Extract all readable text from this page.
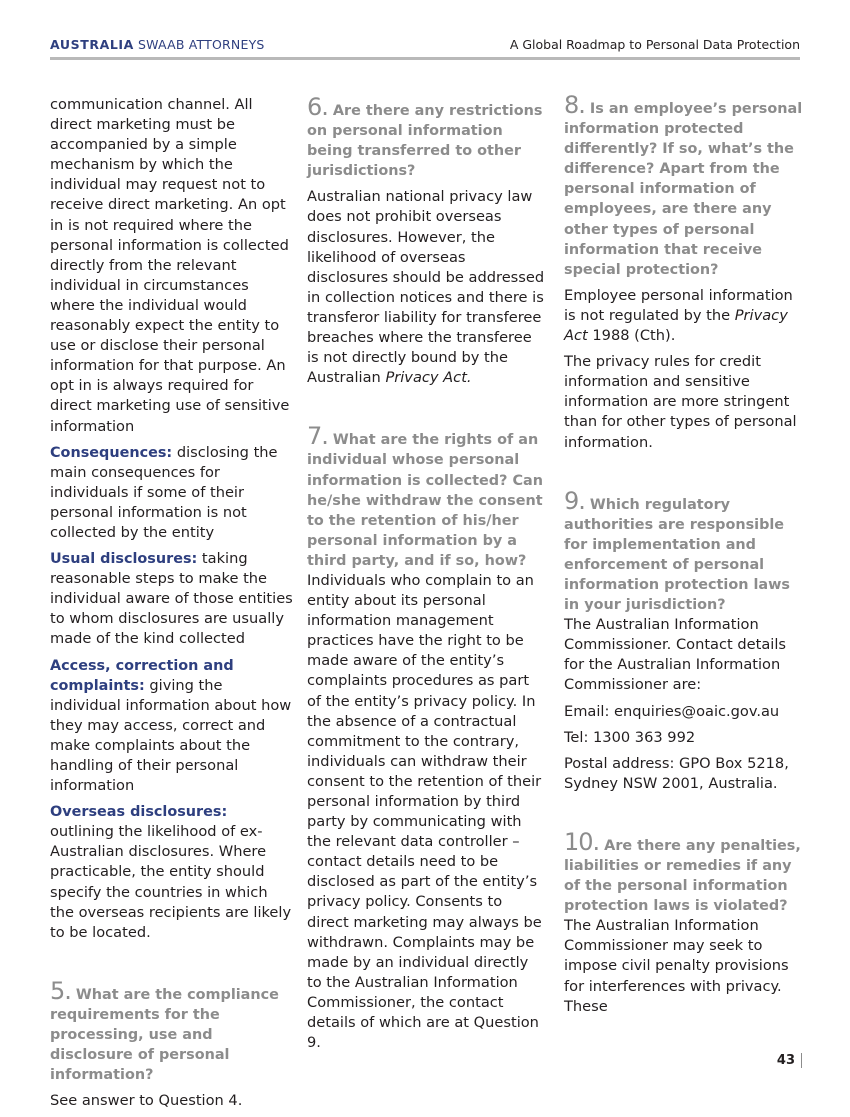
AUSTRALIA SWAAB ATTORNEYS	A Global Roadmap to Personal Data Protection

communication channel. All direct marketing must be accompanied by a simple mechanism by which the individual may request not to receive direct marketing. An opt in is not required where the personal information is collected directly from the relevant individual in circumstances where the individual would reasonably expect the entity to use or disclose their personal information for that purpose. An opt in is always required for direct marketing use of sensitive information

Consequences: disclosing the main consequences for individuals if some of their personal information is not collected by the entity

Usual disclosures: taking reasonable steps to make the individual aware of those entities to whom disclosures are usually made of the kind collected

Access, correction and complaints: giving the individual information about how they may access, correct and make complaints about the handling of their personal information

Overseas disclosures: outlining the likelihood of ex-Australian disclosures. Where practicable, the entity should specify the countries in which the overseas recipients are likely to be located.

5. What are the compliance requirements for the processing, use and disclosure of personal information?

See answer to Question 4.

6. Are there any restrictions on personal information being transferred to other jurisdictions?

Australian national privacy law does not prohibit overseas disclosures. However, the likelihood of overseas disclosures should be addressed in collection notices and there is transferor liability for transferee breaches where the transferee is not directly bound by the Australian Privacy Act.

7. What are the rights of an individual whose personal information is collected? Can he/she withdraw the consent to the retention of his/her personal information by a third party, and if so, how? Individuals who complain to an entity about its personal information management practices have the right to be made aware of the entity’s complaints procedures as part of the entity’s privacy policy. In the absence of a contractual commitment to the contrary, individuals can withdraw their consent to the retention of their personal information by third party by communicating with the relevant data controller – contact details need to be disclosed as part of the entity’s privacy policy. Consents to direct marketing may always be withdrawn. Complaints may be made by an individual directly to the Australian Information Commissioner, the contact details of which are at Question 9.

8. Is an employee’s personal information protected differently? If so, what’s the difference? Apart from the personal information of employees, are there any other types of personal information that receive special protection?

Employee personal information is not regulated by the Privacy Act 1988 (Cth).

The privacy rules for credit information and sensitive information are more stringent than for other types of personal information.

9. Which regulatory authorities are responsible for implementation and enforcement of personal information protection laws in your jurisdiction?

The Australian Information Commissioner. Contact details for the Australian Information Commissioner are:

Email: enquiries@oaic.gov.au

Tel: 1300 363 992

Postal address: GPO Box 5218, Sydney NSW 2001, Australia.

10. Are there any penalties, liabilities or remedies if any of the personal information protection laws is violated?

The Australian Information Commissioner may seek to impose civil penalty provisions for interferences with privacy. These

43
